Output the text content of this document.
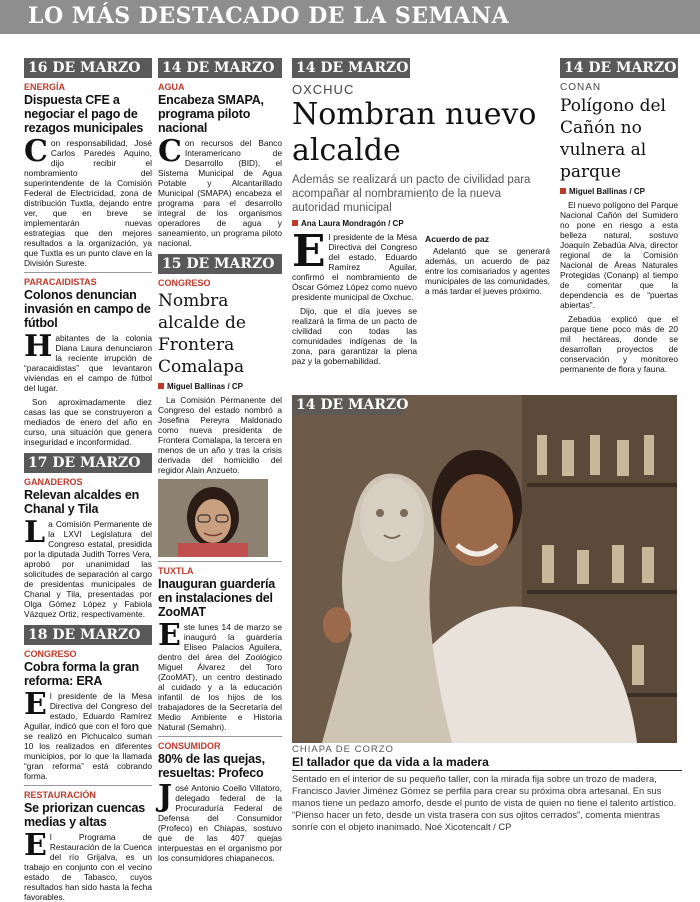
LO MÁS DESTACADO DE LA SEMANA
16 DE MARZO
ENERGÍA
Dispuesta CFE a negociar el pago de rezagos municipales

Con responsabilidad, José Carlos Paredes Aquino, dijo recibir el nombramiento del superintendente de la Comisión Federal de Electricidad, zona de distribución Tuxtla, dejando entre ver, que en breve se implementarán nuevas estrategias que den mejores resultados a la organización, ya que Tuxtla es un punto clave en la División Sureste.

PARACAIDISTAS
Colonos denuncian invasión en campo de fútbol

Habitantes de la colonia Diana Laura denunciaron la reciente irrupción de “paracaidistas” que levantaron viviendas en el campo de fútbol del lugar.

Son aproximadamente diez casas las que se construyeron a mediados de enero del año en curso, una situación que genera inseguridad e inconformidad.

17 DE MARZO
GANADEROS
Relevan alcaldes en Chanal y Tila

La Comisión Permanente de la LXVI Legislatura del Congreso estatal, presidida por la diputada Judith Torres Vera, aprobó por unanimidad las solicitudes de separación al cargo de presidentas municipales de Chanal y Tila, presentadas por Olga Gómez López y Fabiola Vázquez Ortiz, respectivamente.

18 DE MARZO
CONGRESO
Cobra forma la gran reforma: ERA

El presidente de la Mesa Directiva del Congreso del estado, Eduardo Ramírez Aguilar, indicó que con el foro que se realizó en Pichucalco suman 10 los realizados en diferentes municipios, por lo que la llamada “gran reforma” está cobrando forma.

RESTAURACIÓN
Se priorizan cuencas medias y altas

El Programa de Restauración de la Cuenca del río Grijalva, es un trabajo en conjunto con el vecino estado de Tabasco, cuyos resultados han sido hasta la fecha favorables.

14 DE MARZO
AGUA
Encabeza SMAPA, programa piloto nacional

Con recursos del Banco Interamericano de Desarrollo (BID), el Sistema Municipal de Agua Potable y Alcantarillado Municipal (SMAPA) encabeza el programa para el desarrollo integral de los organismos operadores de agua y saneamiento, un programa piloto nacional.

15 DE MARZO
CONGRESO
Nombra alcalde de Frontera Comalapa
Miguel Ballinas / CP

La Comisión Permanente del Congreso del estado nombró a Josefina Pereyra Maldonado como nueva presidenta de Frontera Comalapa, la tercera en menos de un año y tras la crisis derivada del homicidio del regidor Alain Anzueto.

TUXTLA
Inauguran guardería en instalaciones del ZooMAT

Este lunes 14 de marzo se inauguró la guardería Eliseo Palacios Aguilera, dentro del área del Zoológico Miguel Álvarez del Toro (ZooMAT), un centro destinado al cuidado y a la educación infantil de los hijos de los trabajadores de la Secretaría del Medio Ambiente e Historia Natural (Semahn).

CONSUMIDOR
80% de las quejas, resueltas: Profeco

José Antonio Coello Villatoro, delegado federal de la Procuraduría Federal de Defensa del Consumidor (Profeco) en Chiapas, sostuvo que de las 407 quejas interpuestas en el organismo por los consumidores chiapanecos.

14 DE MARZO
OXCHUC
Nombran nuevo alcalde
Además se realizará un pacto de civilidad para acompañar al nombramiento de la nueva autoridad municipal
Ana Laura Mondragón / CP

El presidente de la Mesa Directiva del Congreso del estado, Eduardo Ramírez Aguilar, confirmó el nombramiento de Óscar Gómez López como nuevo presidente municipal de Oxchuc.

Dijo, que el día jueves se realizará la firma de un pacto de civilidad con todas las comunidades indígenas de la zona, para garantizar la plena paz y la gobernabilidad.

Acuerdo de paz

Adelantó que se generará además, un acuerdo de paz entre los comisariados y agentes municipales de las comunidades, a más tardar el jueves próximo.

14 DE MARZO
CONAN
Polígono del Cañón no vulnera al parque
Miguel Ballinas / CP

El nuevo polígono del Parque Nacional Cañón del Sumidero no pone en riesgo a esta belleza natural, sostuvo Joaquín Zebadúa Alva, director regional de la Comisión Nacional de Áreas Naturales Protegidas (Conanp) al tiempo de comentar que la dependencia es de “puertas abiertas”.

Zebadúa explicó que el parque tiene poco más de 20 mil hectáreas, donde se desarrollan proyectos de conservación y monitoreo permanente de flora y fauna.

14 DE MARZO
CHIAPA DE CORZO
El tallador que da vida a la madera

Sentado en el interior de su pequeño taller, con la mirada fija sobre un trozo de madera, Francisco Javier Jiménez Gómez se perfila para crear su próxima obra artesanal. En sus manos tiene un pedazo amorfo, desde el punto de vista de quien no tiene el talento artístico. “Pienso hacer un feto, desde un vista trasera con sus ojitos cerrados”, comenta mientras sonríe con el objeto inanimado. Noé Xicotencalt / CP
